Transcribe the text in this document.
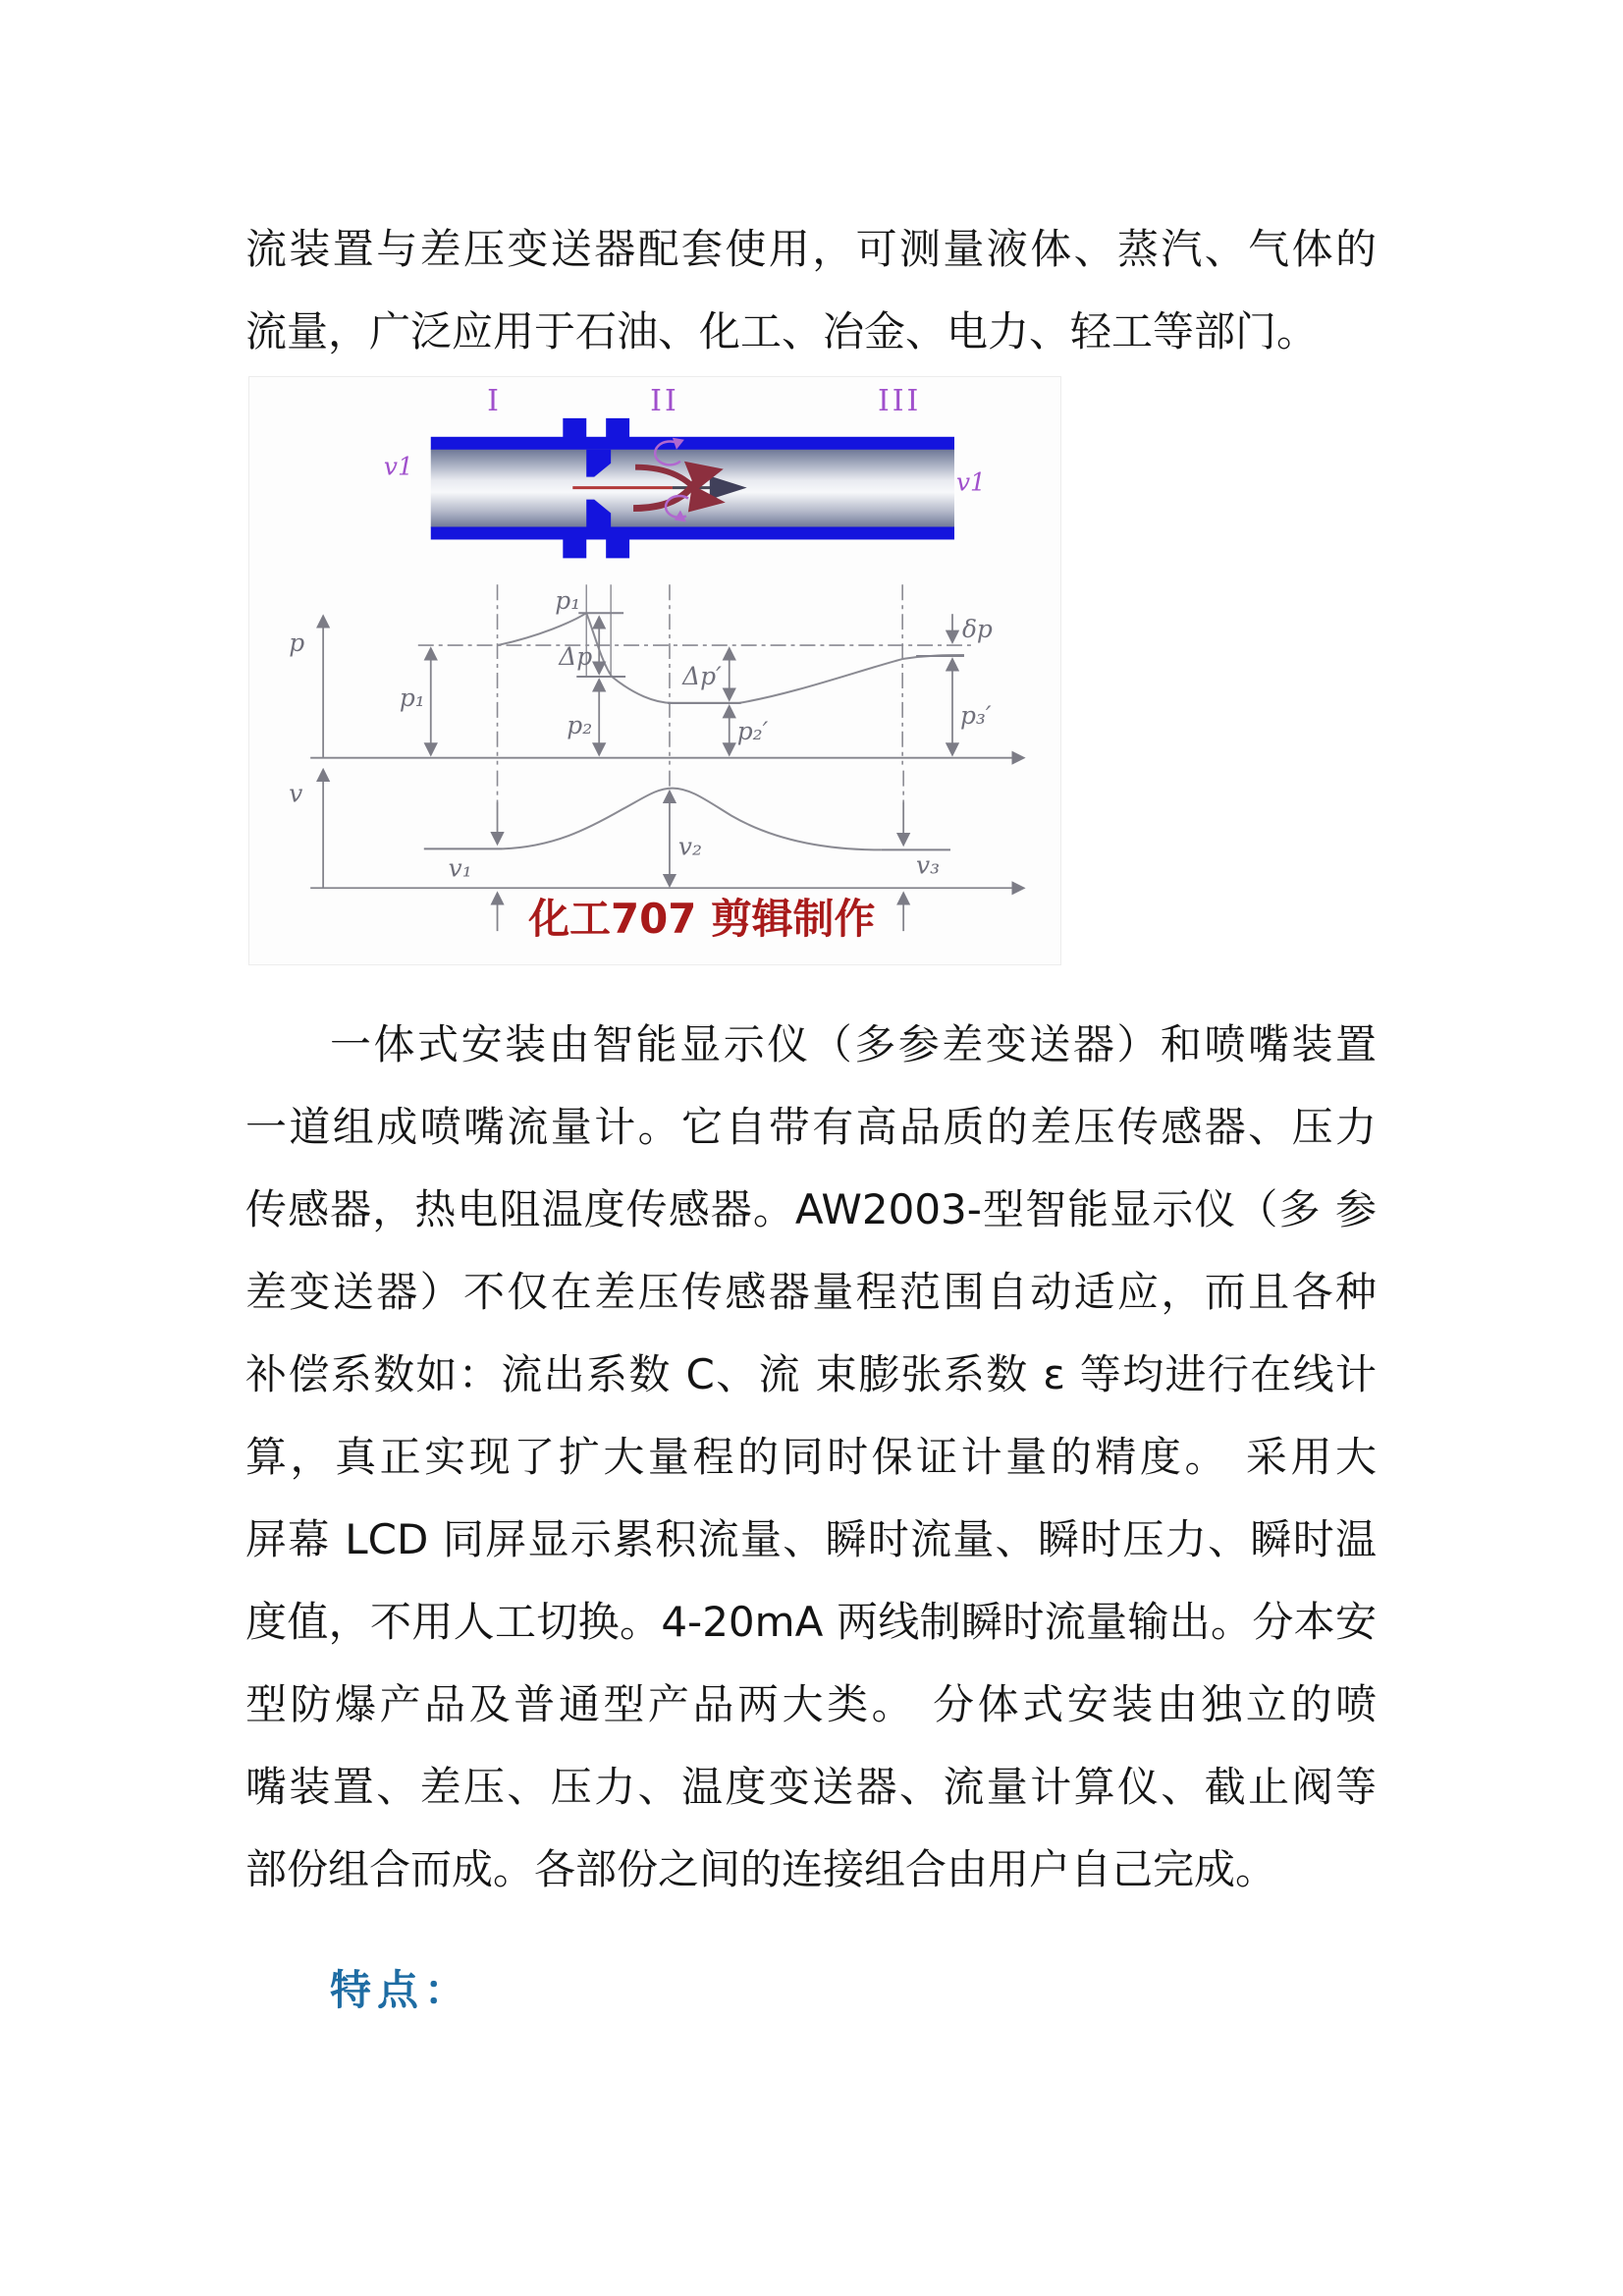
流装置与差压变送器配套使用，可测量液体、蒸汽、气体的
流量，广泛应用于石油、化工、冶金、电力、轻工等部门。
I	II	III
v1
v1
p
p₁
Δp
p₁
p₂
Δp′
p₂′
δp
p₃′
v
v₁
v₂
v₃
化工707 剪辑制作
一体式安装由智能显示仪（多参差变送器）和喷嘴装置
一道组成喷嘴流量计。它自带有高品质的差压传感器、压力
传感器，热电阻温度传感器。AW2003-型智能显示仪（多 参
差变送器）不仅在差压传感器量程范围自动适应，而且各种
补偿系数如：流出系数 C、流 束膨张系数 ε 等均进行在线计
算，真正实现了扩大量程的同时保证计量的精度。 采用大
屏幕 LCD 同屏显示累积流量、瞬时流量、瞬时压力、瞬时温
度值，不用人工切换。4-20mA 两线制瞬时流量输出。分本安
型防爆产品及普通型产品两大类。 分体式安装由独立的喷
嘴装置、差压、压力、温度变送器、流量计算仪、截止阀等
部份组合而成。各部份之间的连接组合由用户自己完成。
特点：
